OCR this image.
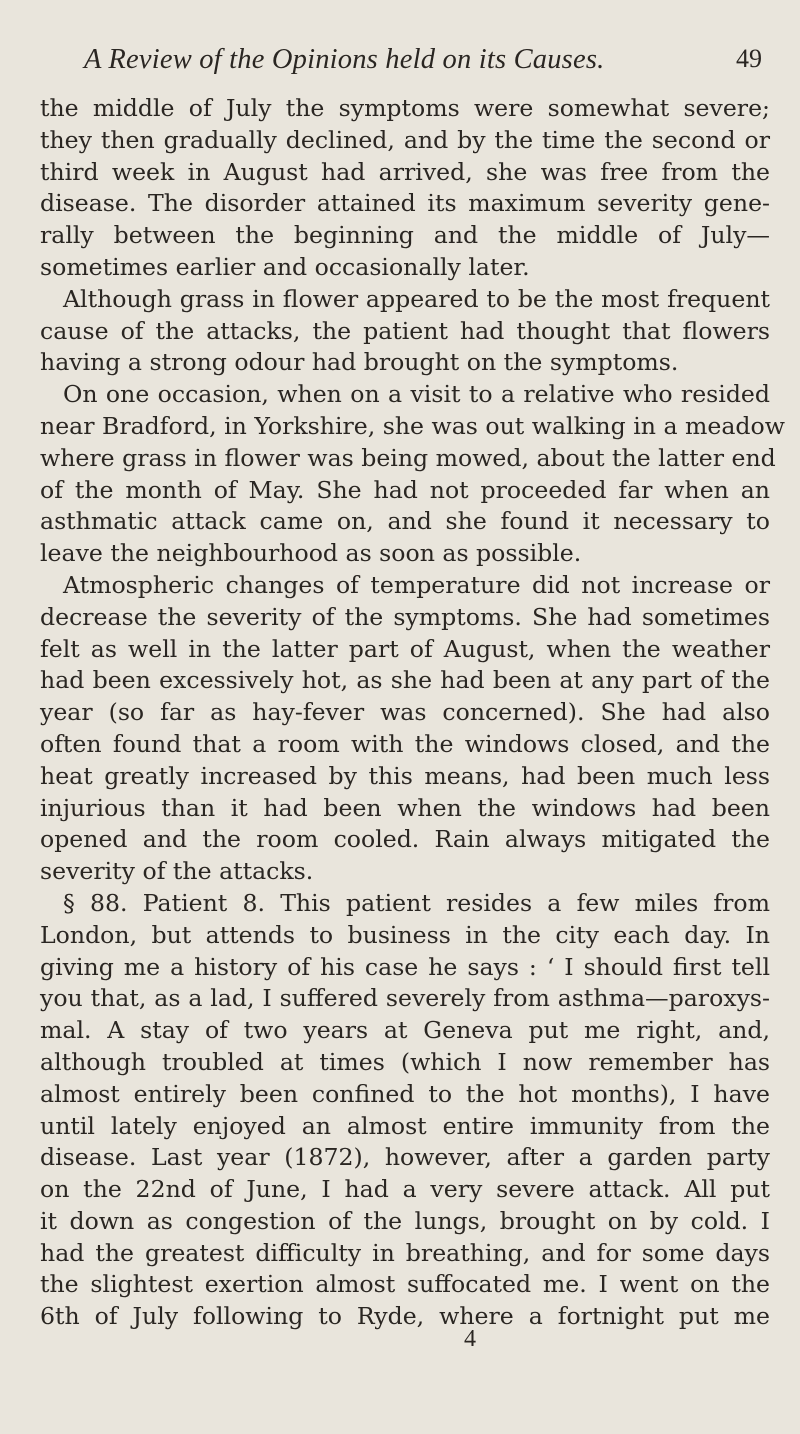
A Review of the Opinions held on its Causes.	49
the middle of July the symptoms were somewhat severe;
they then gradually declined, and by the time the second or
third week in August had arrived, she was free from the
disease. The disorder attained its maximum severity gene-
rally between the beginning and the middle of July—
sometimes earlier and occasionally later.
Although grass in flower appeared to be the most frequent
cause of the attacks, the patient had thought that flowers
having a strong odour had brought on the symptoms.
On one occasion, when on a visit to a relative who resided
near Bradford, in Yorkshire, she was out walking in a meadow
where grass in flower was being mowed, about the latter end
of the month of May. She had not proceeded far when an
asthmatic attack came on, and she found it necessary to
leave the neighbourhood as soon as possible.
Atmospheric changes of temperature did not increase or
decrease the severity of the symptoms. She had sometimes
felt as well in the latter part of August, when the weather
had been excessively hot, as she had been at any part of the
year (so far as hay-fever was concerned). She had also
often found that a room with the windows closed, and the
heat greatly increased by this means, had been much less
injurious than it had been when the windows had been
opened and the room cooled. Rain always mitigated the
severity of the attacks.
§ 88. Patient 8. This patient resides a few miles from
London, but attends to business in the city each day. In
giving me a history of his case he says : ‘ I should first tell
you that, as a lad, I suffered severely from asthma—paroxys-
mal. A stay of two years at Geneva put me right, and,
although troubled at times (which I now remember has
almost entirely been confined to the hot months), I have
until lately enjoyed an almost entire immunity from the
disease. Last year (1872), however, after a garden party
on the 22nd of June, I had a very severe attack. All put
it down as congestion of the lungs, brought on by cold. I
had the greatest difficulty in breathing, and for some days
the slightest exertion almost suffocated me. I went on the
6th of July following to Ryde, where a fortnight put me
4
